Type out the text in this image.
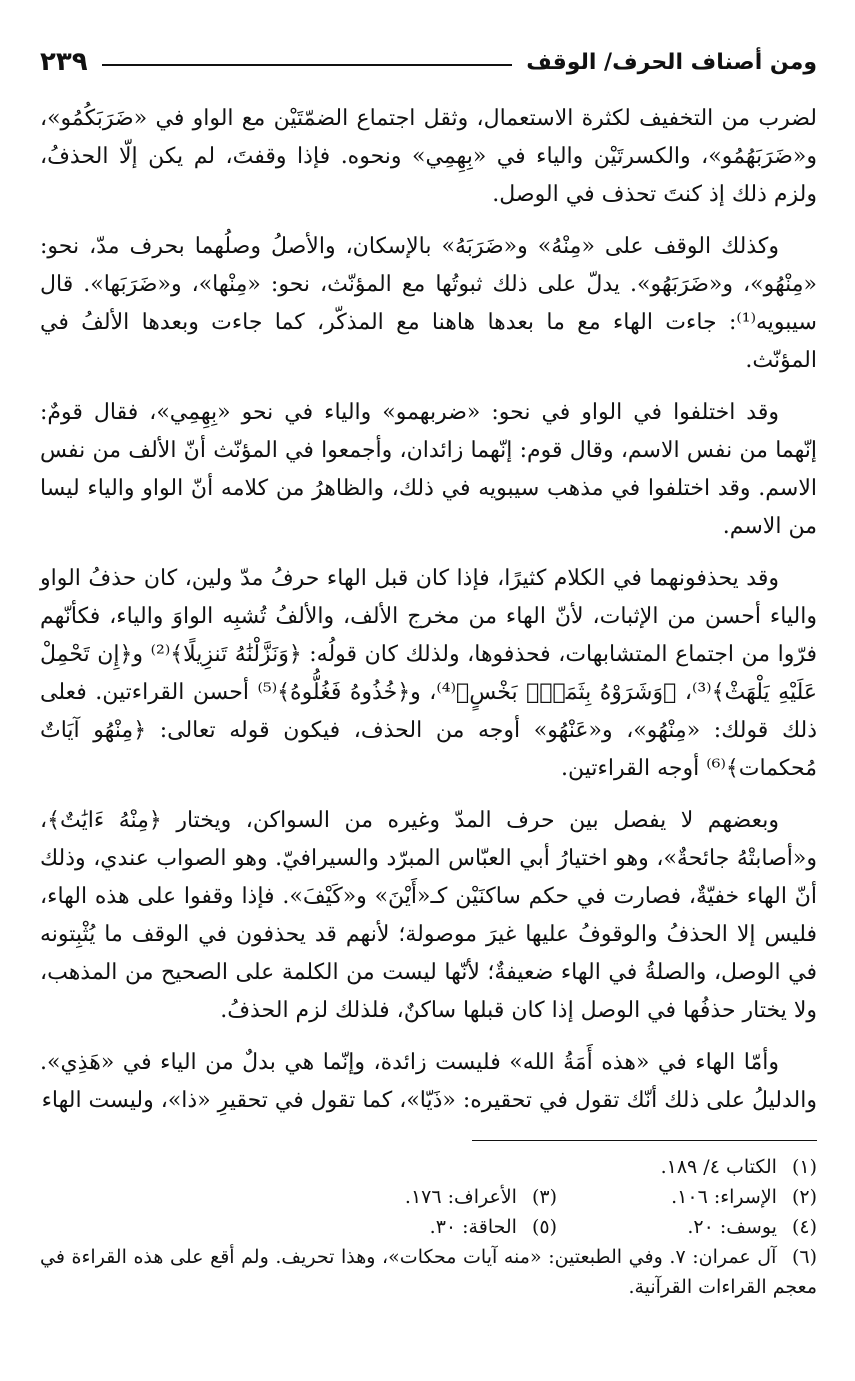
ومن أصناف الحرف/ الوقف
٢٣٩

لضرب من التخفيف لكثرة الاستعمال، وثقل اجتماع الضمّتَيْن مع الواو في «ضَرَبَكُمُو»، و«ضَرَبَهُمُو»، والكسرتَيْن والياء في «بِهِمِي» ونحوه. فإذا وقفتَ، لم يكن إلّا الحذفُ، ولزم ذلك إذ كنتَ تحذف في الوصل.

وكذلك الوقف على «مِنْهُ» و«ضَرَبَهُ» بالإسكان، والأصلُ وصلُهما بحرف مدّ، نحو: «مِنْهُو»، و«ضَرَبَهُو». يدلّ على ذلك ثبوتُها مع المؤنّث، نحو: «مِنْها»، و«ضَرَبَها». قال سيبويه⁽¹⁾: جاءت الهاء مع ما بعدها هاهنا مع المذكّر، كما جاءت وبعدها الألفُ في المؤنّث.

وقد اختلفوا في الواو في نحو: «ضربهمو» والياء في نحو «بِهِمِي»، فقال قومٌ: إنّهما من نفس الاسم، وقال قوم: إنّهما زائدان، وأجمعوا في المؤنّث أنّ الألف من نفس الاسم. وقد اختلفوا في مذهب سيبويه في ذلك، والظاهرُ من كلامه أنّ الواو والياء ليسا من الاسم.

وقد يحذفونهما في الكلام كثيرًا، فإذا كان قبل الهاء حرفُ مدّ ولين، كان حذفُ الواو والياء أحسن من الإثبات، لأنّ الهاء من مخرج الألف، والألفُ تُشبِه الواوَ والياء، فكأنّهم فرّوا من اجتماع المتشابهات، فحذفوها، ولذلك كان قولُه: ﴿وَنَزَّلْنَٰهُ تَنزِيلًا﴾⁽²⁾ و﴿إِن تَحْمِلْ عَلَيْهِ يَلْهَثْ﴾⁽³⁾، ﴿وَشَرَوْهُ بِثَمَنٍۭ بَخْسٍ﴾⁽⁴⁾، و﴿خُذُوهُ فَغُلُّوهُ﴾⁽⁵⁾ أحسن القراءتين. فعلى ذلك قولك: «مِنْهُو»، و«عَنْهُو» أوجه من الحذف، فيكون قوله تعالى: ﴿مِنْهُو آيَاتٌ مُحكمات﴾⁽⁶⁾ أوجه القراءتين.

وبعضهم لا يفصل بين حرف المدّ وغيره من السواكن، ويختار ﴿مِنْهُ ءَايَٰتٌ﴾، و«أصابتْهُ جائحةٌ»، وهو اختيارُ أبي العبّاس المبرّد والسيرافيّ. وهو الصواب عندي، وذلك أنّ الهاء خفيّةٌ، فصارت في حكم ساكنَيْن كـ«أَيْنَ» و«كَيْفَ». فإذا وقفوا على هذه الهاء، فليس إلا الحذفُ والوقوفُ عليها غيرَ موصولة؛ لأنهم قد يحذفون في الوقف ما يُثْبِتونه في الوصل، والصلةُ في الهاء ضعيفةٌ؛ لأنّها ليست من الكلمة على الصحيح من المذهب، ولا يختار حذفُها في الوصل إذا كان قبلها ساكنٌ، فلذلك لزم الحذفُ.

وأمّا الهاء في «هذه أَمَةُ الله» فليست زائدة، وإنّما هي بدلٌ من الياء في «هَذِي». والدليلُ على ذلك أنّك تقول في تحقيره: «ذَيّا»، كما تقول في تحقيرِ «ذا»، وليست الهاء

(١) الكتاب ٤/ ١٨٩.
(٢) الإسراء: ١٠٦.
(٣) الأعراف: ١٧٦.
(٤) يوسف: ٢٠.
(٥) الحاقة: ٣٠.
(٦) آل عمران: ٧. وفي الطبعتين: «منه آيات محكات»، وهذا تحريف. ولم أقع على هذه القراءة في معجم القراءات القرآنية.
